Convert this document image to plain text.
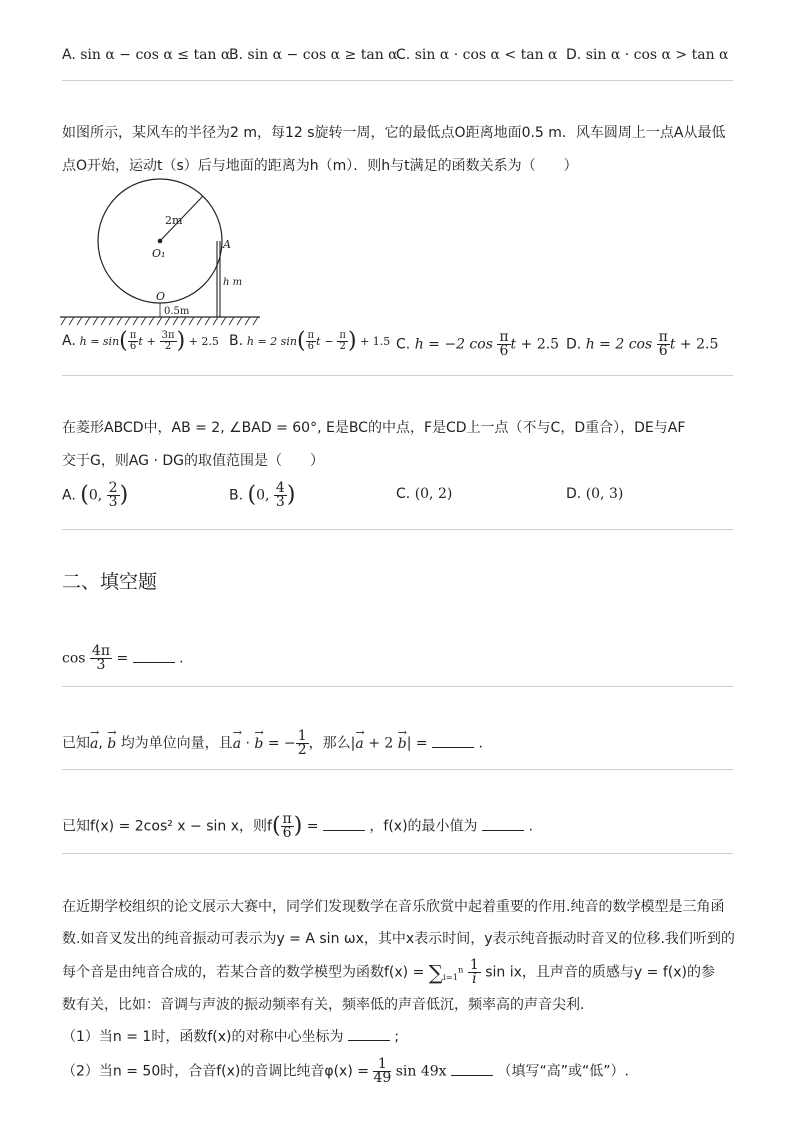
A. sin α − cos α ≤ tan α
B. sin α − cos α ≥ tan α
C. sin α · cos α < tan α D. sin α · cos α > tan α
如图所示，某风车的半径为2 m，每12 s旋转一周，它的最低点O距离地面0.5 m．风车圆周上一点A从最低
点O开始，运动t（s）后与地面的距离为h（m）．则h与t满足的函数关系为（　　）
2m
O₁
A
h m
O
0.5m
A. $h = \sin( \frac{\pi}{6}$ $t + \frac{3\pi}{2}$ ) + 2.5 B. h = 2 $\sin( \frac{\pi}{6}$ $t - \frac{\pi}{2}$ ) + 1.5 C. h = −2 $\cos \frac{\pi}{6}$ t + 2.5 D. h = 2 $\cos \frac{\pi}{6}$ t + 2.5
在菱形ABCD中，AB = 2, ∠BAD = 60°, E是BC的中点，F是CD上一点（不与C，D重合），DE与AF
交于G，则AG · DG的取值范围是（　　）
A. (0, $\frac{2}{3}$ )	B. (0, $\frac{4}{3}$ )	C. (0, 2)	D. (0, 3)
二、填空题
$\cos \frac{4\pi}{3}$ =	.
已知→ a, → b 均为单位向量，且→ a · → b = − $\frac{1}{2}$ ，那么|→ a + 2 → b| =	.
已知f(x) = 2cos² x − sin x，则$f( \frac{\pi}{6}$ ) =	，f(x)的最小值为	.
在近期学校组织的论文展示大赛中，同学们发现数学在音乐欣赏中起着重要的作用.纯音的数学模型是三角函
数.如音叉发出的纯音振动可表示为y = A sin ωx，其中x表示时间，y表示纯音振动时音叉的位移.我们听到的
每个音是由纯音合成的，若某合音的数学模型为函数$f(x) = \sum_{i=1}^n \frac{1}{i}$ sin ix，且声音的质感与y = f(x)的参
数有关，比如：音调与声波的振动频率有关，频率低的声音低沉，频率高的声音尖利.
（1）当n = 1时，函数f(x)的对称中心坐标为	;
（2）当n = 50时，合音f(x)的音调比纯音$\varphi(x) = \frac{1}{49}$ sin 49x	（填写“高”或“低”）.
